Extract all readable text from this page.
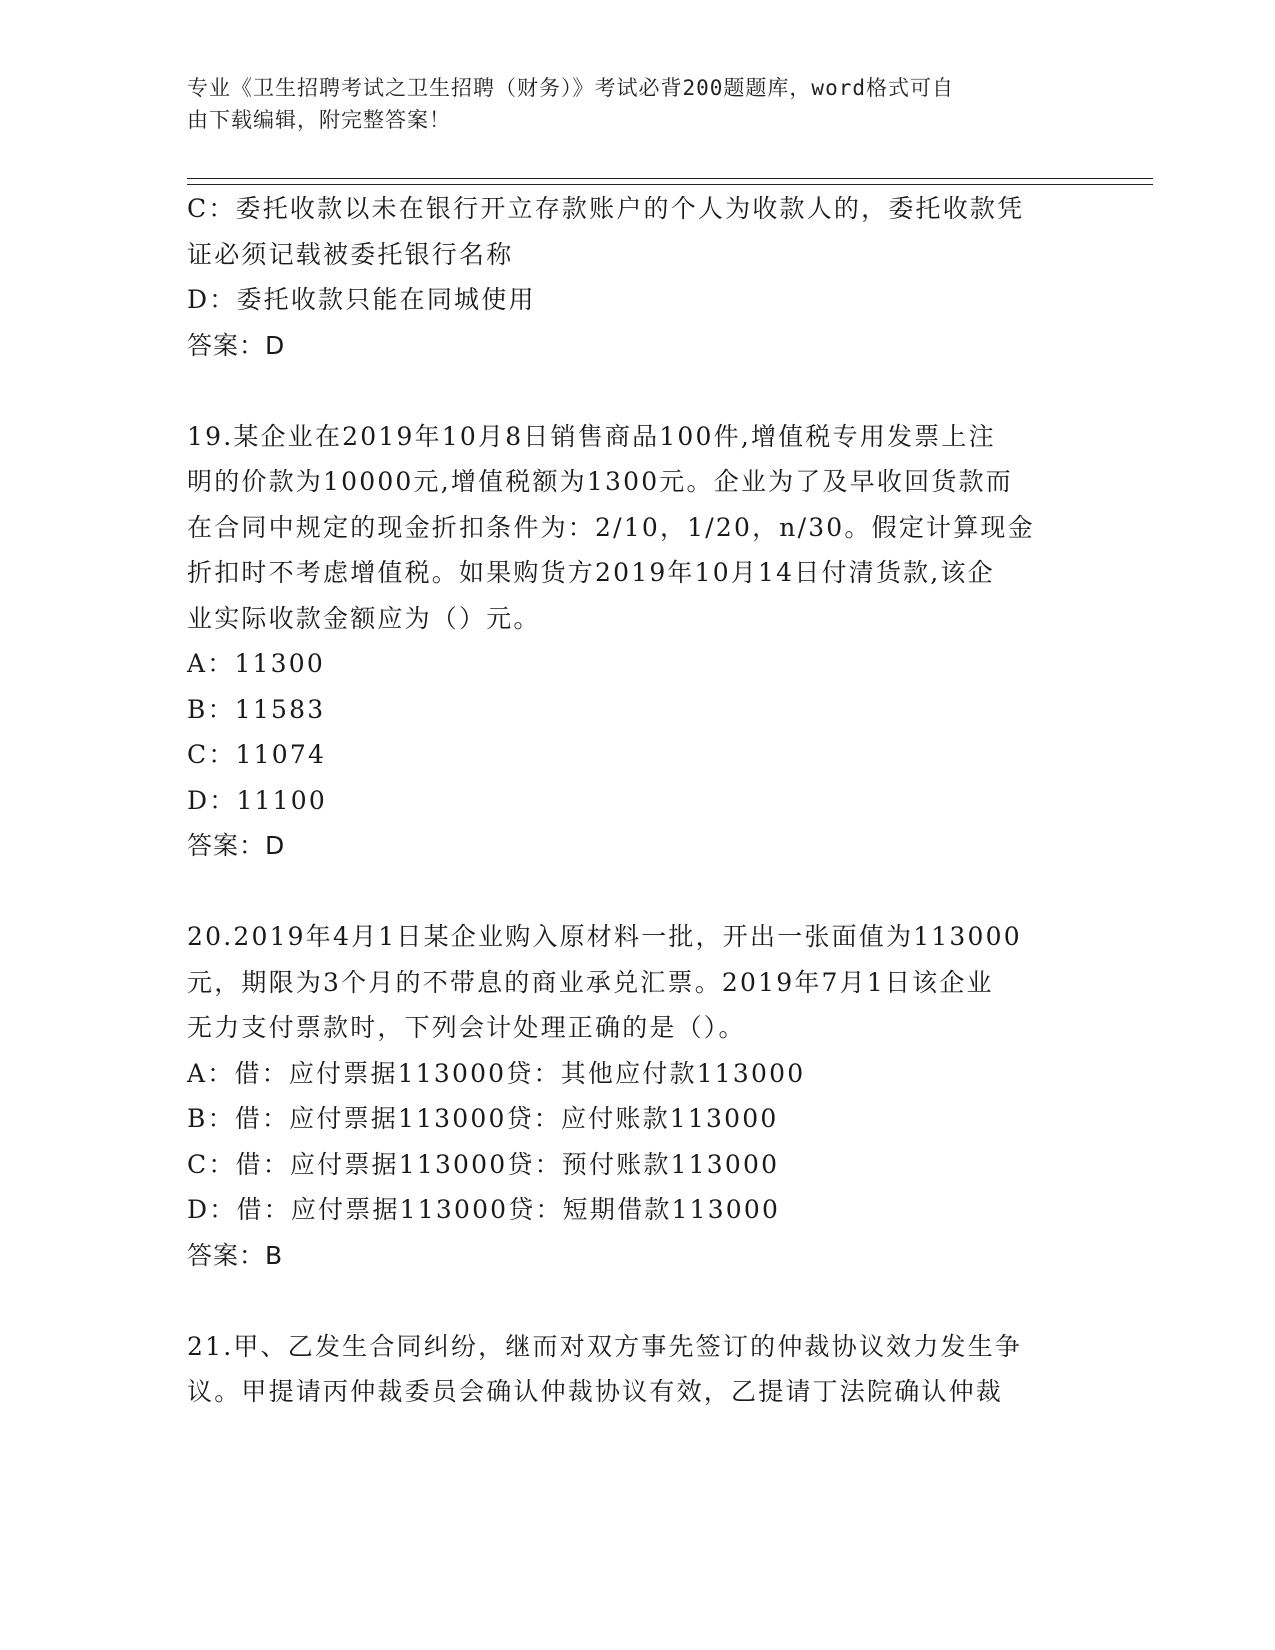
专业《卫生招聘考试之卫生招聘（财务）》考试必背200题题库，word格式可自
由下载编辑，附完整答案！
C：委托收款以未在银行开立存款账户的个人为收款人的，委托收款凭
证必须记载被委托银行名称
D：委托收款只能在同城使用
答案：D
19.某企业在2019年10月8日销售商品100件,增值税专用发票上注
明的价款为10000元,增值税额为1300元。企业为了及早收回货款而
在合同中规定的现金折扣条件为：2/10，1/20，n/30。假定计算现金
折扣时不考虑增值税。如果购货方2019年10月14日付清货款,该企
业实际收款金额应为（）元。
A：11300
B：11583
C：11074
D：11100
答案：D
20.2019年4月1日某企业购入原材料一批，开出一张面值为113000
元，期限为3个月的不带息的商业承兑汇票。2019年7月1日该企业
无力支付票款时，下列会计处理正确的是（）。
A：借：应付票据113000贷：其他应付款113000
B：借：应付票据113000贷：应付账款113000
C：借：应付票据113000贷：预付账款113000
D：借：应付票据113000贷：短期借款113000
答案：B
21.甲、乙发生合同纠纷，继而对双方事先签订的仲裁协议效力发生争
议。甲提请丙仲裁委员会确认仲裁协议有效，乙提请丁法院确认仲裁
